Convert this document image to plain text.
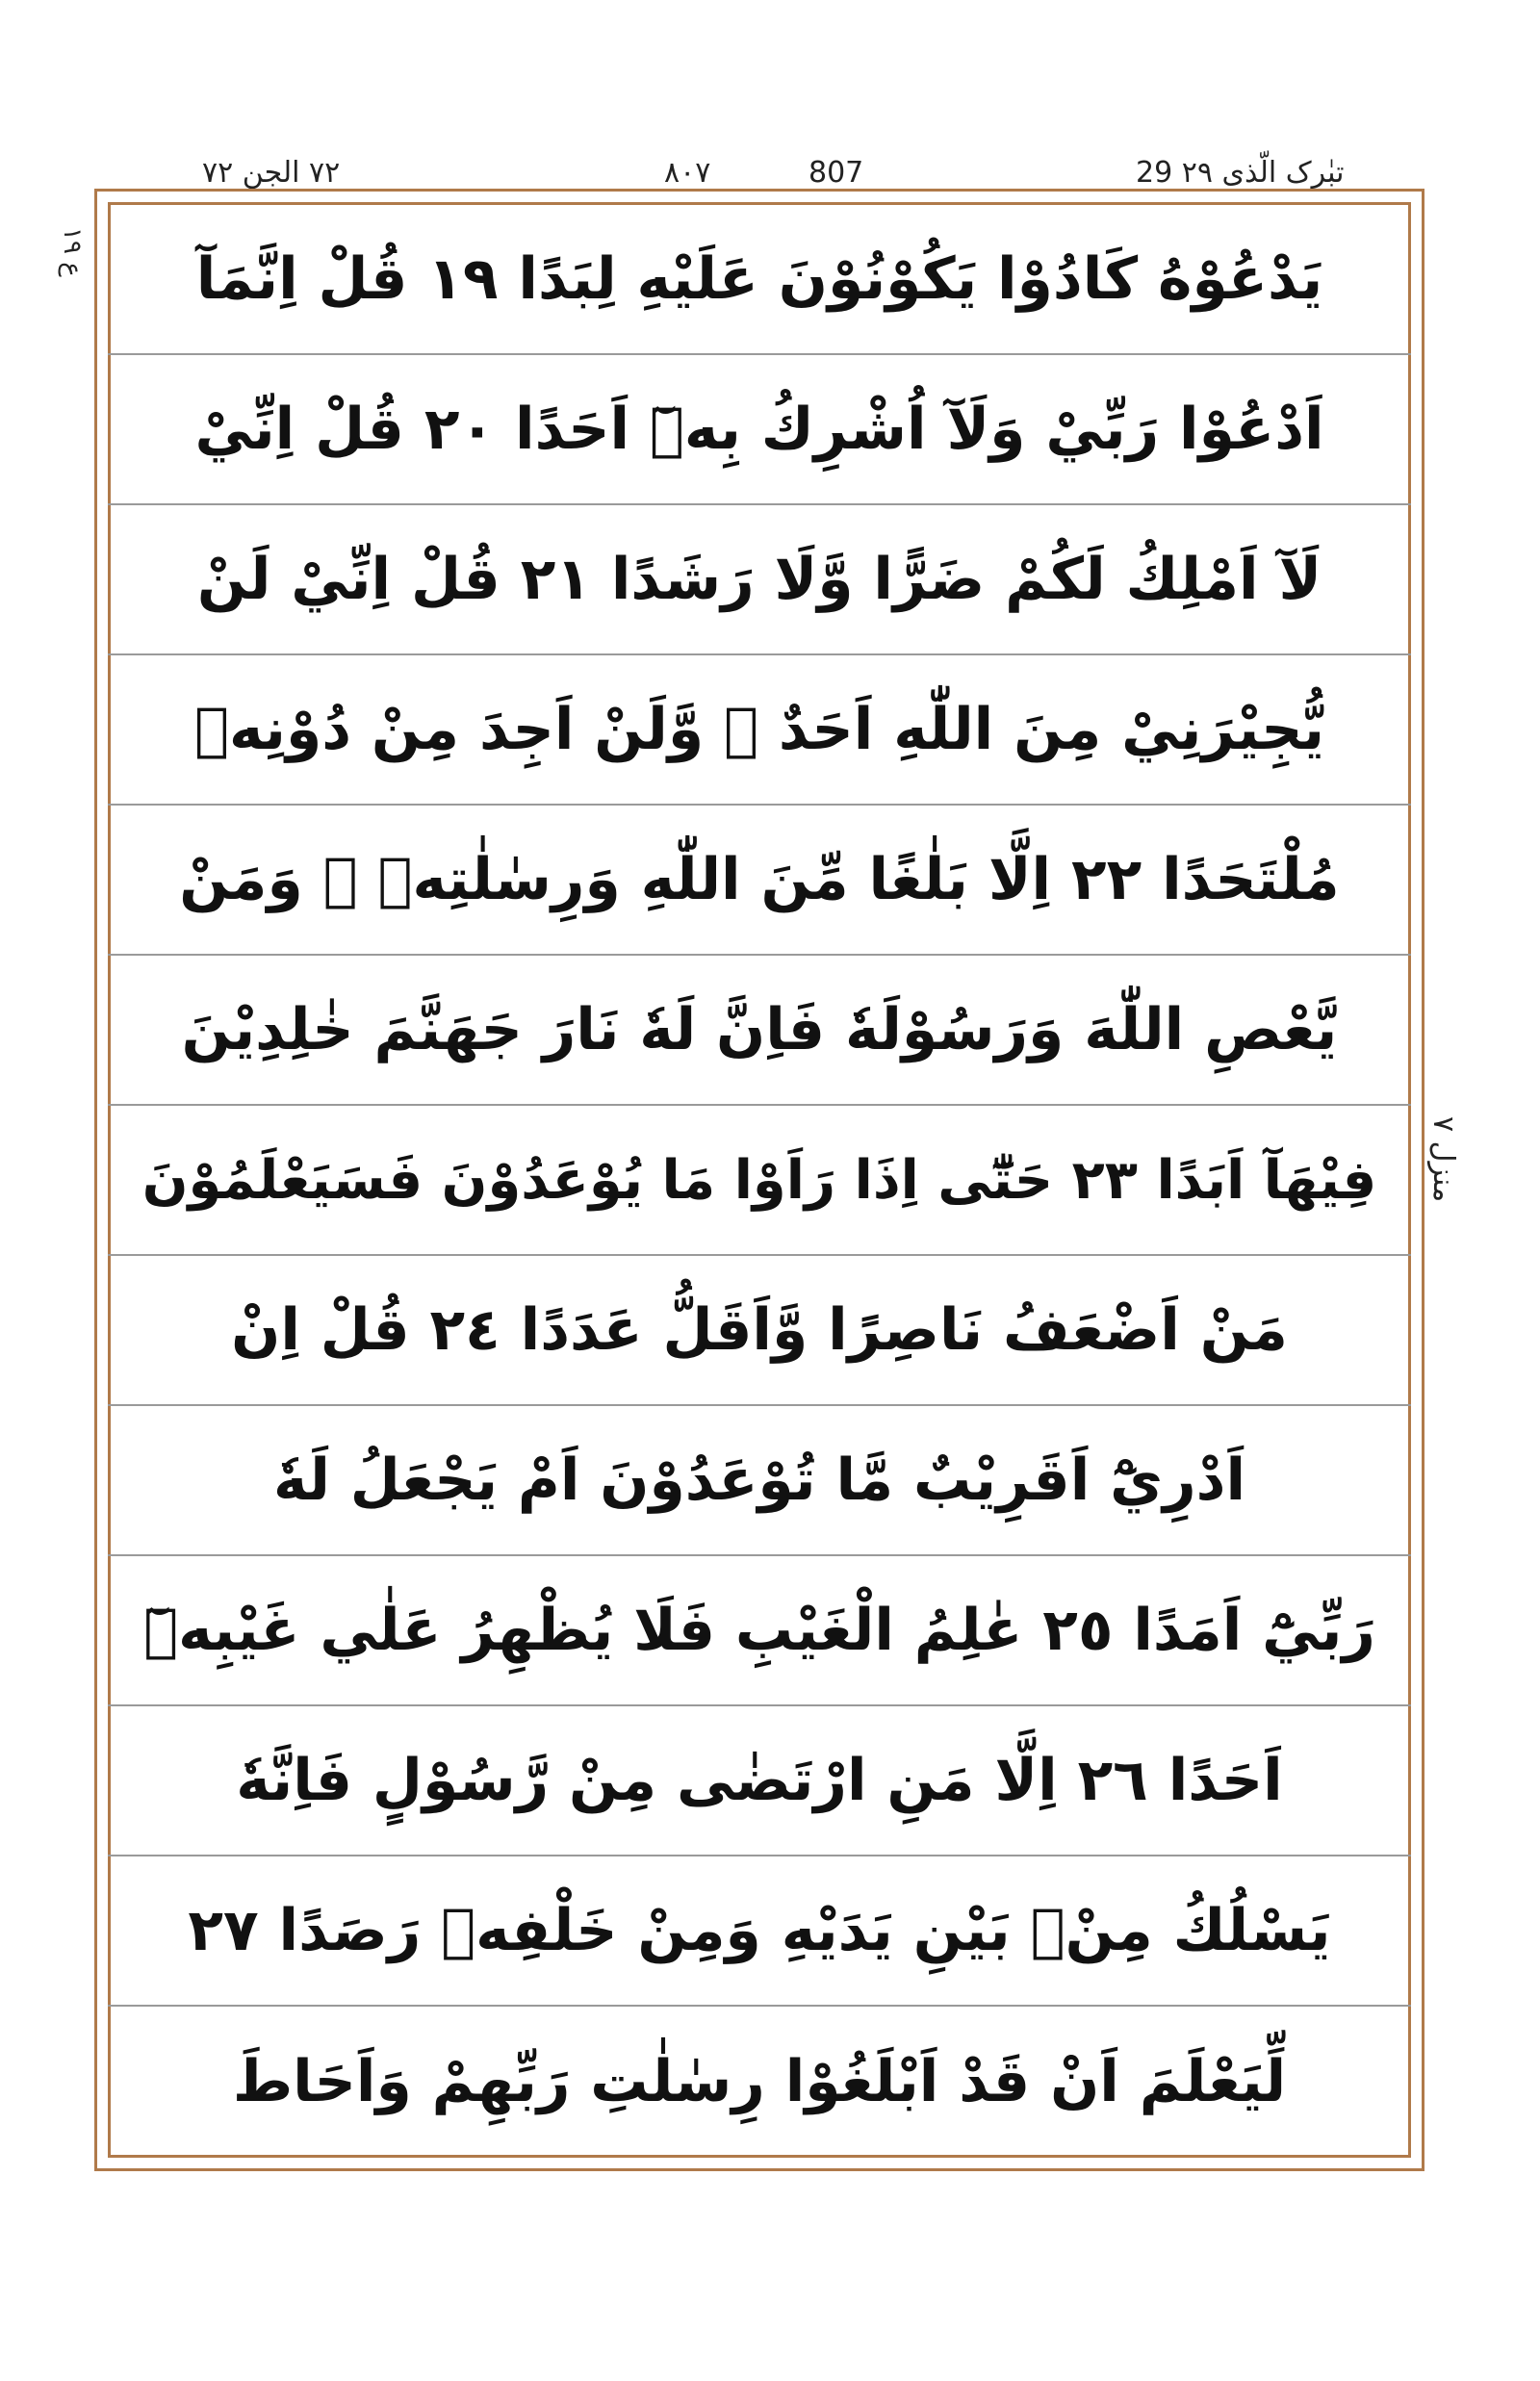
٧٢ الجن ٧٢	٨٠٧	807	29 تبٰرک الّذی ٢٩
ع ١٩
منزل ٧
يَدْعُوْهُ كَادُوْا يَكُوْنُوْنَ عَلَيْهِ لِبَدًا ١٩ قُلْ اِنَّمَآ
اَدْعُوْا رَبِّيْ وَلَآ اُشْرِكُ بِهٖٓ اَحَدًا ٢٠ قُلْ اِنِّيْ
لَآ اَمْلِكُ لَكُمْ ضَرًّا وَّلَا رَشَدًا ٢١ قُلْ اِنِّيْ لَنْ
يُّجِيْرَنِيْ مِنَ اللّٰهِ اَحَدٌ ۙ وَّلَنْ اَجِدَ مِنْ دُوْنِهٖ
مُلْتَحَدًا ٢٢ اِلَّا بَلٰغًا مِّنَ اللّٰهِ وَرِسٰلٰتِهٖ ۭ وَمَنْ
يَّعْصِ اللّٰهَ وَرَسُوْلَهٗ فَاِنَّ لَهٗ نَارَ جَهَنَّمَ خٰلِدِيْنَ
فِيْهَآ اَبَدًا ٢٣ حَتّٰٓى اِذَا رَاَوْا مَا يُوْعَدُوْنَ فَسَيَعْلَمُوْنَ
مَنْ اَضْعَفُ نَاصِرًا وَّاَقَلُّ عَدَدًا ٢٤ قُلْ اِنْ
اَدْرِيْٓ اَقَرِيْبٌ مَّا تُوْعَدُوْنَ اَمْ يَجْعَلُ لَهٗ
رَبِّيْٓ اَمَدًا ٢٥ عٰلِمُ الْغَيْبِ فَلَا يُظْهِرُ عَلٰي غَيْبِهٖٓ
اَحَدًا ٢٦ اِلَّا مَنِ ارْتَضٰى مِنْ رَّسُوْلٍ فَاِنَّهٗ
يَسْلُكُ مِنْۢ بَيْنِ يَدَيْهِ وَمِنْ خَلْفِهٖ رَصَدًا ٢٧
لِّيَعْلَمَ اَنْ قَدْ اَبْلَغُوْا رِسٰلٰتِ رَبِّهِمْ وَاَحَاطَ
